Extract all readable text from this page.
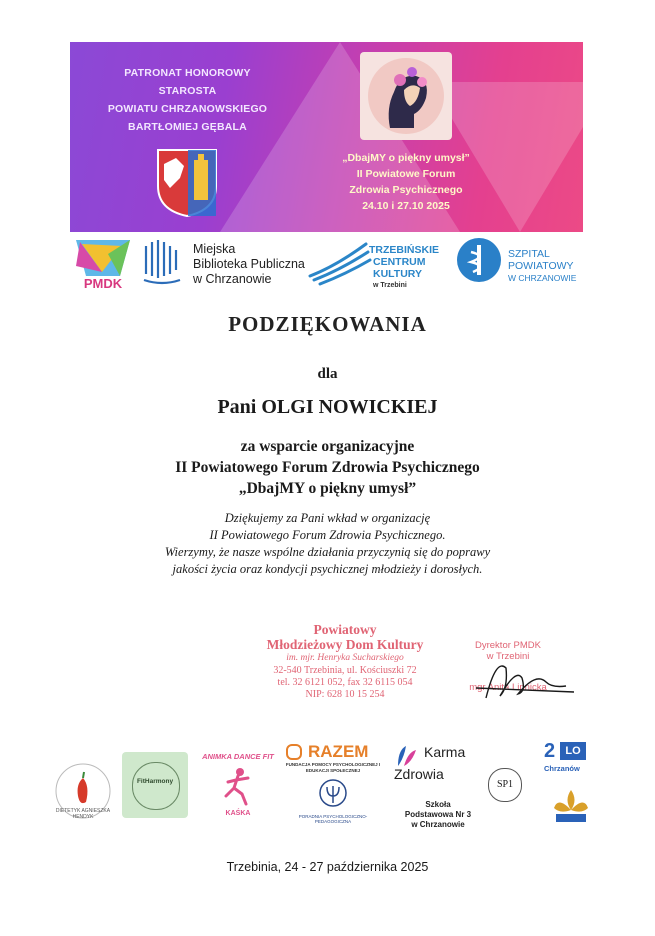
PATRONAT HONOROWY
STAROSTA
POWIATU CHRZANOWSKIEGO
BARTŁOMIEJ GĘBALA
„DbajMY o piękny umysł”
II Powiatowe Forum
Zdrowia Psychicznego
24.10 i 27.10 2025
PMDK
Miejska
Biblioteka Publiczna
w Chrzanowie
TRZEBIŃSKIE
CENTRUM
KULTURY
w Trzebini
SZPITAL
POWIATOWY
W CHRZANOWIE
PODZIĘKOWANIA
dla
Pani OLGI NOWICKIEJ
za wsparcie organizacyjne
II Powiatowego Forum Zdrowia Psychicznego
„DbajMY o piękny umysł”
Dziękujemy za Pani wkład w organizację
II Powiatowego Forum Zdrowia Psychicznego.
Wierzymy, że nasze wspólne działania przyczynią się do poprawy
jakości życia oraz kondycji psychicznej młodzieży i dorosłych.
Powiatowy
Młodzieżowy Dom Kultury
im. mjr. Henryka Sucharskiego
32-540 Trzebinia, ul. Kościuszki 72
tel. 32 6121 052, fax 32 6115 054
NIP: 628 10 15 254
Dyrektor PMDK
w Trzebini
mgr Anita Lipnicka
DIETETYK AGNIESZKA HENDYK
FitHarmony
ANIMKA DANCE FIT
KAŚKA
RAZEM
FUNDACJA POMOCY PSYCHOLOGICZNEJ I EDUKACJI SPOŁECZNEJ
PORADNIA PSYCHOLOGICZNO-PEDAGOGICZNA
Karma
Zdrowia
Szkoła
Podstawowa Nr 3
w Chrzanowie
SP1
2 LO
Chrzanów
Trzebinia, 24 - 27 października 2025
